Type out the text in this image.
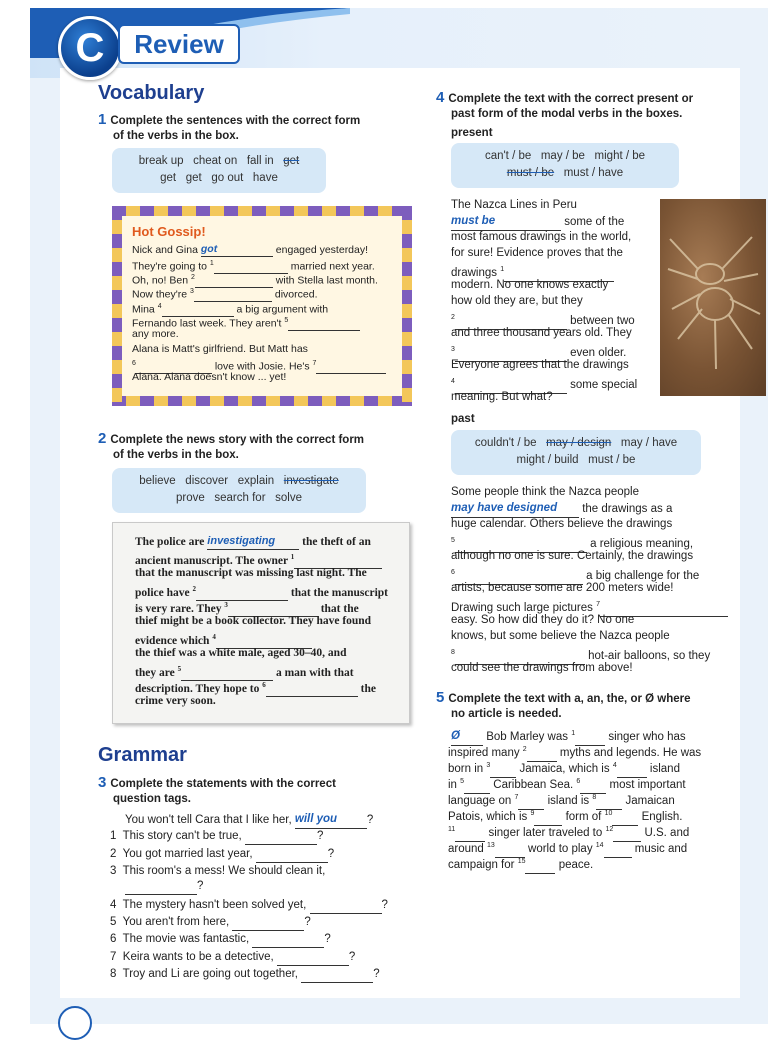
C	Review
Vocabulary
1 Complete the sentences with the correct form
of the verbs in the box.
break up cheat on fall in get
get get go out have
Hot Gossip!
Nick and Gina got	engaged yesterday!
They're going to $^1$	married next year.
Oh, no! Ben $^2$	with Stella last month.
Now they're $^3$	divorced.
Mina $^4$	a big argument with
Fernando last week. They aren't $^5$
any more.
Alana is Matt's girlfriend. But Matt has
$^6$	love with Josie. He's $^7$
Alana. Alana doesn't know ... yet!
2 Complete the news story with the correct form
of the verbs in the box.
believe discover explain investigate
prove search for solve
The police are investigating the theft of an
ancient manuscript. The owner $^1$
that the manuscript was missing last night. The
police have $^2$	that the manuscript
is very rare. They $^3$	that the
thief might be a book collector. They have found
evidence which $^4$
the thief was a white male, aged 30–40, and
they are $^5$	a man with that
description. They hope to $^6$	the
crime very soon.
Grammar
3 Complete the statements with the correct
question tags.
You won't tell Cara that I like her, will you	?
1 This story can't be true,	?
2 You got married last year,	?
3 This room's a mess! We should clean it,
?
4 The mystery hasn't been solved yet,	?
5 You aren't from here,	?
6 The movie was fantastic,	?
7 Keira wants to be a detective,	?
8 Troy and Li are going out together,	?
4 Complete the text with the correct present or
past form of the modal verbs in the boxes.
present
can't / be may / be might / be
must / be must / have
The Nazca Lines in Peru
must be	some of the
most famous drawings in the world,
for sure! Evidence proves that the
drawings $^1$
modern. No one knows exactly
how old they are, but they
$^2$	between two
and three thousand years old. They
$^3$	even older.
Everyone agrees that the drawings
$^4$	some special
meaning. But what?
past
couldn't / be may / design may / have
might / build must / be
Some people think the Nazca people
may have designed the drawings as a
huge calendar. Others believe the drawings
$^5$	a religious meaning,
although no one is sure. Certainly, the drawings
$^6$	a big challenge for the
artists, because some are 200 meters wide!
Drawing such large pictures $^7$
easy. So how did they do it? No one
knows, but some believe the Nazca people
$^8$	hot-air balloons, so they
could see the drawings from above!
5 Complete the text with a, an, the, or Ø where
no article is needed.
Ø Bob Marley was $^1$	singer who has
inspired many $^2$	myths and legends. He was
born in $^3$	Jamaica, which is $^4$	island
in $^5$	Caribbean Sea. $^6$	most important
language on $^7$	island is $^8$	Jamaican
Patois, which is $^9$	form of $^{10}$	English.
$^{11}$	singer later traveled to $^{12}$	U.S. and
around $^{13}$	world to play $^{14}$	music and
campaign for $^{15}$	peace.
